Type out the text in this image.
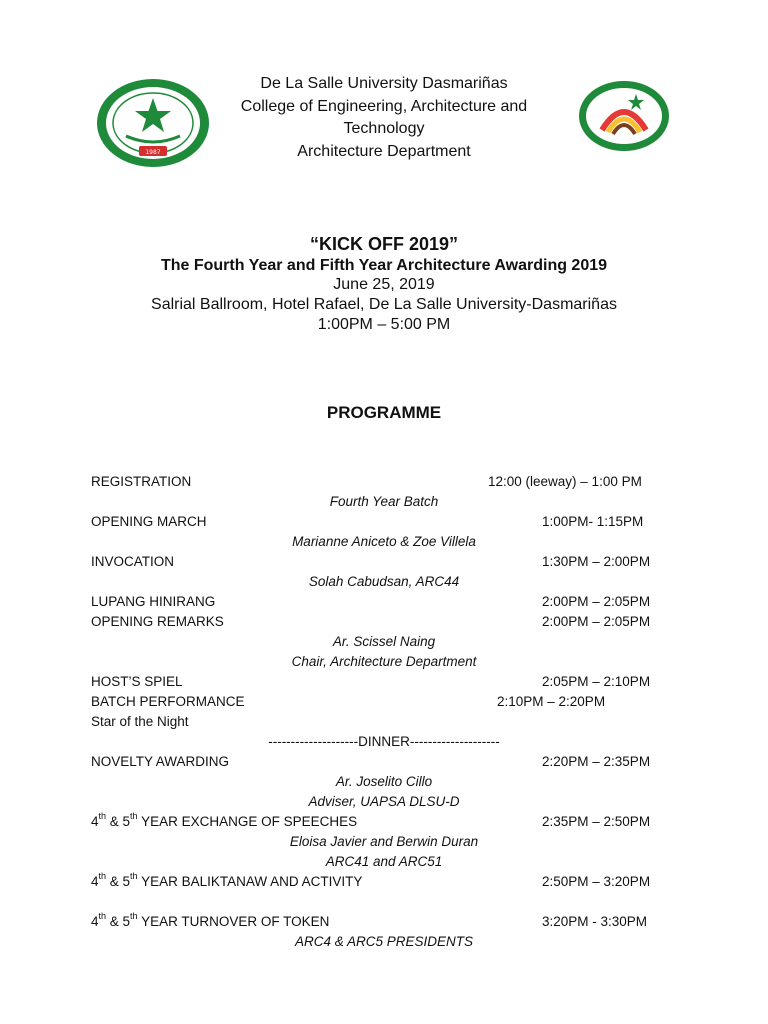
1987
De La Salle University Dasmariñas
College of Engineering, Architecture and
Technology
Architecture Department
“KICK OFF 2019”
The Fourth Year and Fifth Year Architecture Awarding 2019
June 25, 2019
Salrial Ballroom, Hotel Rafael, De La Salle University-Dasmariñas
1:00PM – 5:00 PM
PROGRAMME
REGISTRATION	12:00 (leeway) – 1:00 PM
Fourth Year Batch
OPENING MARCH	1:00PM- 1:15PM
Marianne Aniceto & Zoe Villela
INVOCATION	1:30PM – 2:00PM
Solah Cabudsan, ARC44
LUPANG HINIRANG	2:00PM – 2:05PM
OPENING REMARKS	2:00PM – 2:05PM
Ar. Scissel Naing
Chair, Architecture Department
HOST’S SPIEL	2:05PM – 2:10PM
BATCH PERFORMANCE	2:10PM – 2:20PM
Star of the Night
--------------------DINNER--------------------
NOVELTY AWARDING	2:20PM – 2:35PM
Ar. Joselito Cillo
Adviser, UAPSA DLSU-D
4th & 5th YEAR EXCHANGE OF SPEECHES	2:35PM – 2:50PM
Eloisa Javier and Berwin Duran
ARC41 and ARC51
4th & 5th YEAR BALIKTANAW AND ACTIVITY	2:50PM – 3:20PM
4th & 5th YEAR TURNOVER OF TOKEN	3:20PM - 3:30PM
ARC4 & ARC5 PRESIDENTS
